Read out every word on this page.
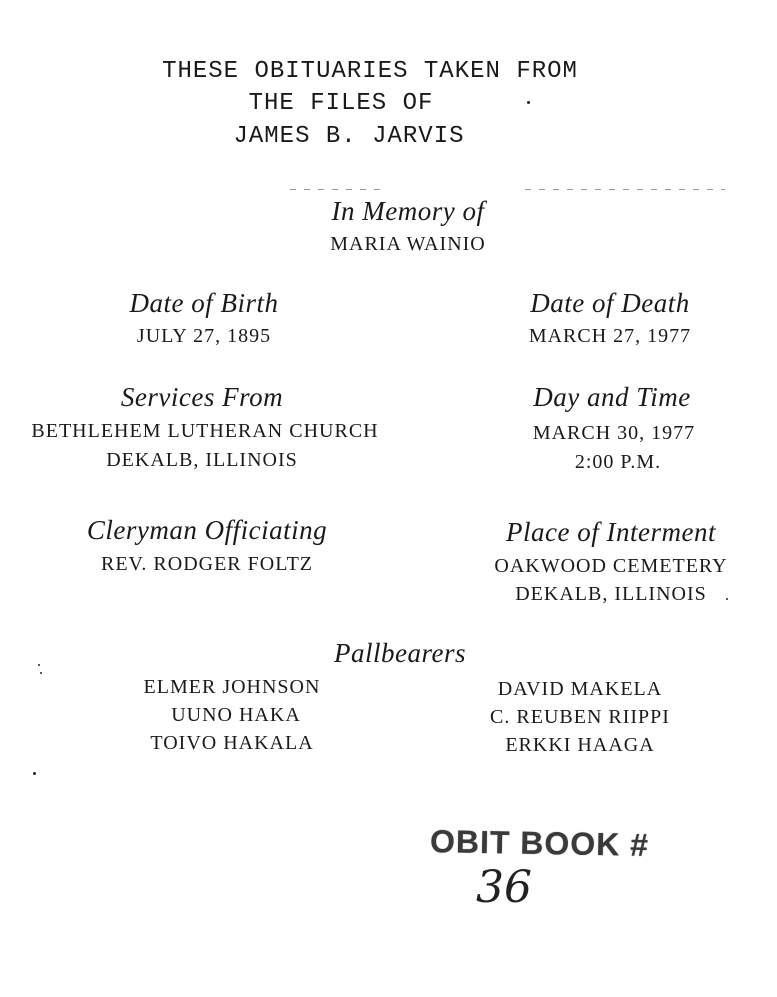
THESE OBITUARIES TAKEN FROM
THE FILES OF
JAMES B. JARVIS
In Memory of
MARIA WAINIO
Date of Birth
JULY 27, 1895
Date of Death
MARCH 27, 1977
Services From
BETHLEHEM LUTHERAN CHURCH
DEKALB, ILLINOIS
Day and Time
MARCH 30, 1977
2:00 P.M.
Cleryman Officiating
REV. RODGER FOLTZ
Place of Interment
OAKWOOD CEMETERY
DEKALB, ILLINOIS
Pallbearers
ELMER JOHNSON
UUNO HAKA
TOIVO HAKALA
DAVID MAKELA
C. REUBEN RIIPPI
ERKKI HAAGA
OBIT BOOK #
36
